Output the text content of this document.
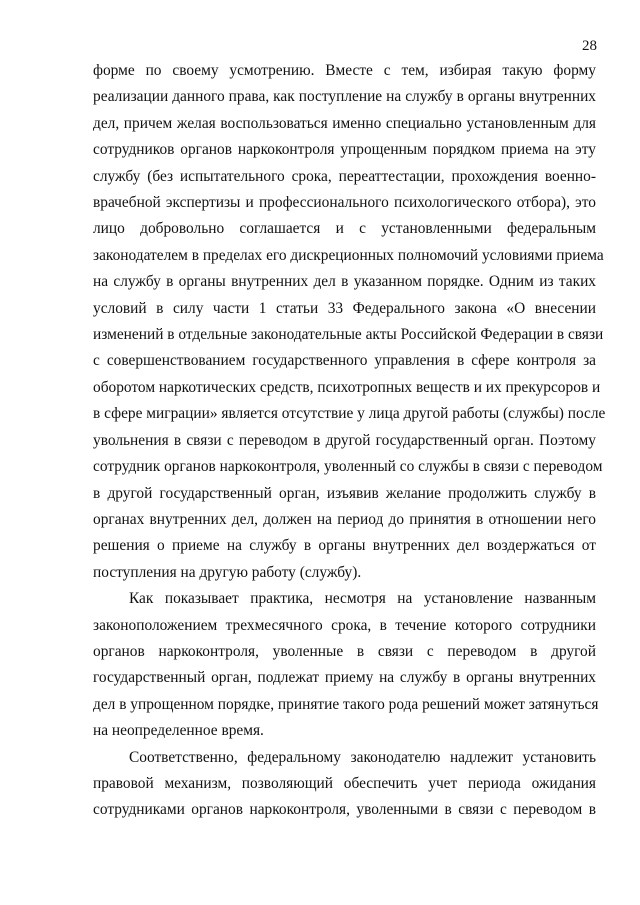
28
форме по своему усмотрению. Вместе с тем, избирая такую форму
реализации данного права, как поступление на службу в органы внутренних
дел, причем желая воспользоваться именно специально установленным для
сотрудников органов наркоконтроля упрощенным порядком приема на эту
службу (без испытательного срока, переаттестации, прохождения военно-
врачебной экспертизы и профессионального психологического отбора), это
лицо добровольно соглашается и с установленными федеральным
законодателем в пределах его дискреционных полномочий условиями приема
на службу в органы внутренних дел в указанном порядке. Одним из таких
условий в силу части 1 статьи 33 Федерального закона «О внесении
изменений в отдельные законодательные акты Российской Федерации в связи
с совершенствованием государственного управления в сфере контроля за
оборотом наркотических средств, психотропных веществ и их прекурсоров и
в сфере миграции» является отсутствие у лица другой работы (службы) после
увольнения в связи с переводом в другой государственный орган. Поэтому
сотрудник органов наркоконтроля, уволенный со службы в связи с переводом
в другой государственный орган, изъявив желание продолжить службу в
органах внутренних дел, должен на период до принятия в отношении него
решения о приеме на службу в органы внутренних дел воздержаться от
поступления на другую работу (службу).
Как показывает практика, несмотря на установление названным
законоположением трехмесячного срока, в течение которого сотрудники
органов наркоконтроля, уволенные в связи с переводом в другой
государственный орган, подлежат приему на службу в органы внутренних
дел в упрощенном порядке, принятие такого рода решений может затянуться
на неопределенное время.
Соответственно, федеральному законодателю надлежит установить
правовой механизм, позволяющий обеспечить учет периода ожидания
сотрудниками органов наркоконтроля, уволенными в связи с переводом в
